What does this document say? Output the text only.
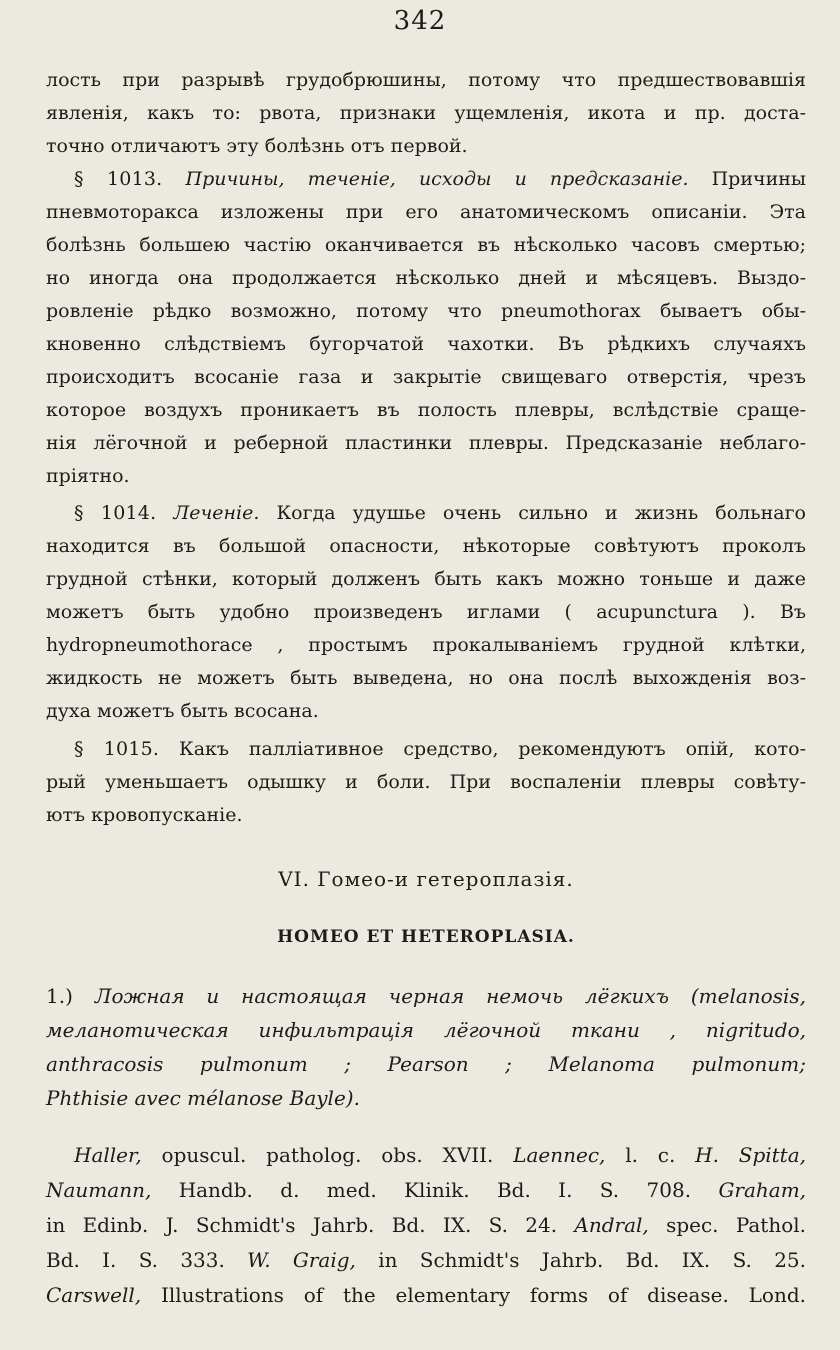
342
лость при разрывѣ грудобрюшины, потому что предшествовавшія
явленія, какъ то: рвота, признаки ущемленія, икота и пр. доста-
точно отличаютъ эту болѣзнь отъ первой.
§ 1013. Причины, теченіе, исходы и предсказаніе. Причины
пневмоторакса изложены при его анатомическомъ описаніи. Эта
болѣзнь большею частію оканчивается въ нѣсколько часовъ смертью;
но иногда она продолжается нѣсколько дней и мѣсяцевъ. Выздо-
ровленіе рѣдко возможно, потому что pneumothorax бываетъ обы-
кновенно слѣдствіемъ бугорчатой чахотки. Въ рѣдкихъ случаяхъ
происходитъ всосаніе газа и закрытіе свищеваго отверстія, чрезъ
которое воздухъ проникаетъ въ полость плевры, вслѣдствіе сраще-
нія лёгочной и реберной пластинки плевры. Предсказаніе неблаго-
пріятно.
§ 1014. Леченіе. Когда удушье очень сильно и жизнь больнаго
находится въ большой опасности, нѣкоторые совѣтуютъ проколъ
грудной стѣнки, который долженъ быть какъ можно тоньше и даже
можетъ быть удобно произведенъ иглами ( acupunctura ). Въ
hydropneumothorace , простымъ прокалываніемъ грудной клѣтки,
жидкость не можетъ быть выведена, но она послѣ выхожденія воз-
духа можетъ быть всосана.
§ 1015. Какъ паллiативное средство, рекомендуютъ опій, кото-
рый уменьшаетъ одышку и боли. При воспаленіи плевры совѣту-
ютъ кровопусканіе.
VI. Гомео-и гетероплазія.
HOMEO ET HETEROPLASIA.
1.) Ложная и настоящая черная немочь лёгкихъ (melanosis,
меланотическая инфильтрація лёгочной ткани , nigritudo,
anthracosis pulmonum ; Pearson ; Melanoma pulmonum;
Phthisie avec mélanose Bayle).
Haller, opuscul. patholog. obs. XVII. Laennec, l. c. H. Spitta,
Naumann, Handb. d. med. Klinik. Bd. I. S. 708. Graham,
in Edinb. J. Schmidt's Jahrb. Bd. IX. S. 24. Andral, spec. Pathol.
Bd. I. S. 333. W. Graig, in Schmidt's Jahrb. Bd. IX. S. 25.
Carswell, Illustrations of the elementary forms of disease. Lond.
